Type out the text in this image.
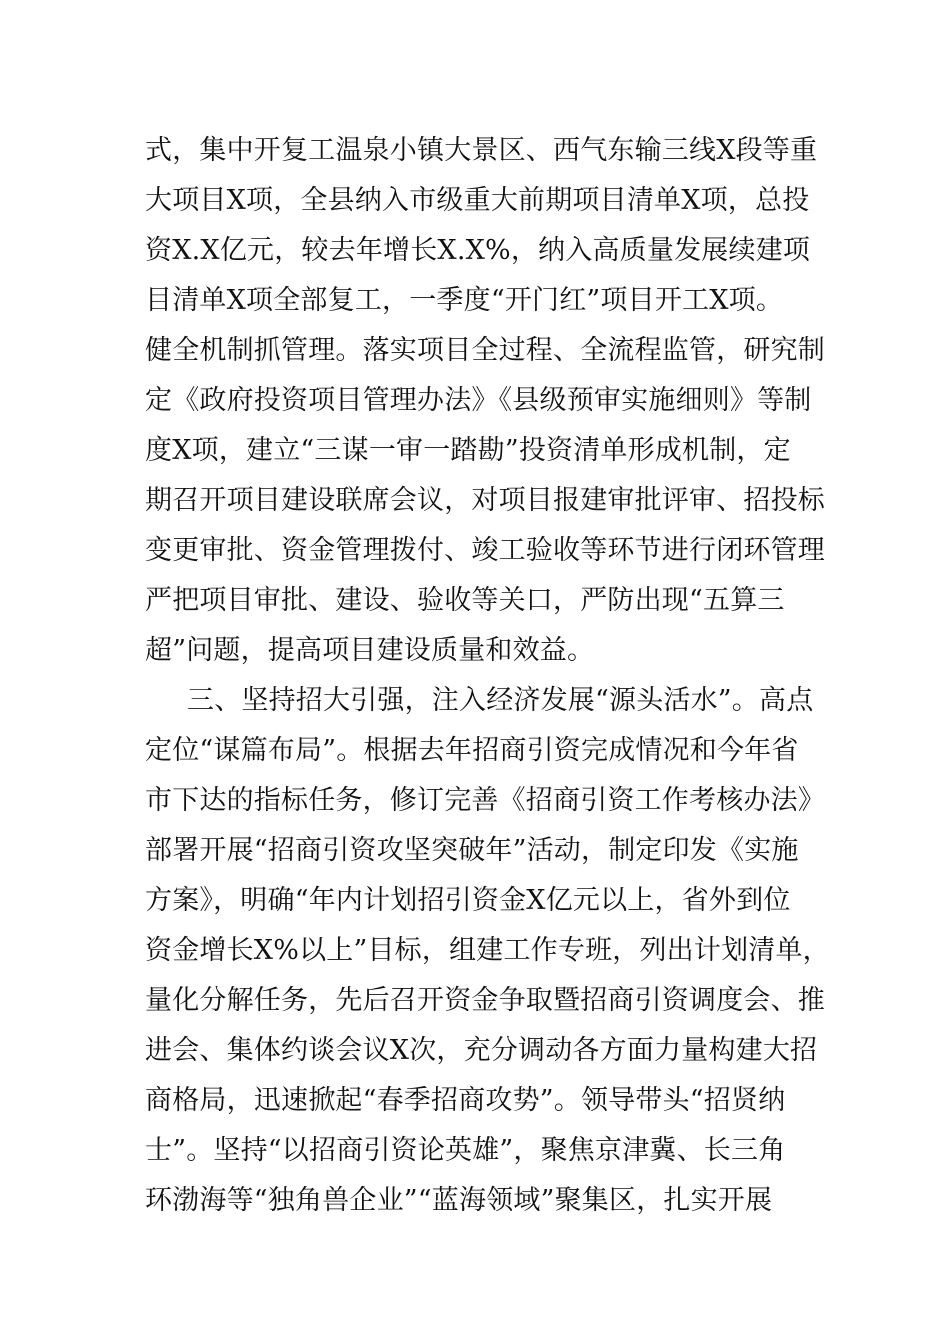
式，集中开复工温泉小镇大景区、西气东输三线X段等重
大项目X项，全县纳入市级重大前期项目清单X项，总投
资X.X亿元，较去年增长X.X%，纳入高质量发展续建项
目清单X项全部复工，一季度“开门红”项目开工X项。
健全机制抓管理。落实项目全过程、全流程监管，研究制
定《政府投资项目管理办法》《县级预审实施细则》等制
度X项，建立“三谋一审一踏勘”投资清单形成机制，定
期召开项目建设联席会议，对项目报建审批评审、招投标
变更审批、资金管理拨付、竣工验收等环节进行闭环管理
严把项目审批、建设、验收等关口，严防出现“五算三
超”问题，提高项目建设质量和效益。
三、坚持招大引强，注入经济发展“源头活水”。高点
定位“谋篇布局”。根据去年招商引资完成情况和今年省
市下达的指标任务，修订完善《招商引资工作考核办法》
部署开展“招商引资攻坚突破年”活动，制定印发《实施
方案》，明确“年内计划招引资金X亿元以上，省外到位
资金增长X%以上”目标，组建工作专班，列出计划清单，
量化分解任务，先后召开资金争取暨招商引资调度会、推
进会、集体约谈会议X次，充分调动各方面力量构建大招
商格局，迅速掀起“春季招商攻势”。领导带头“招贤纳
士”。坚持“以招商引资论英雄”，聚焦京津冀、长三角
环渤海等“独角兽企业”“蓝海领域”聚集区，扎实开展
